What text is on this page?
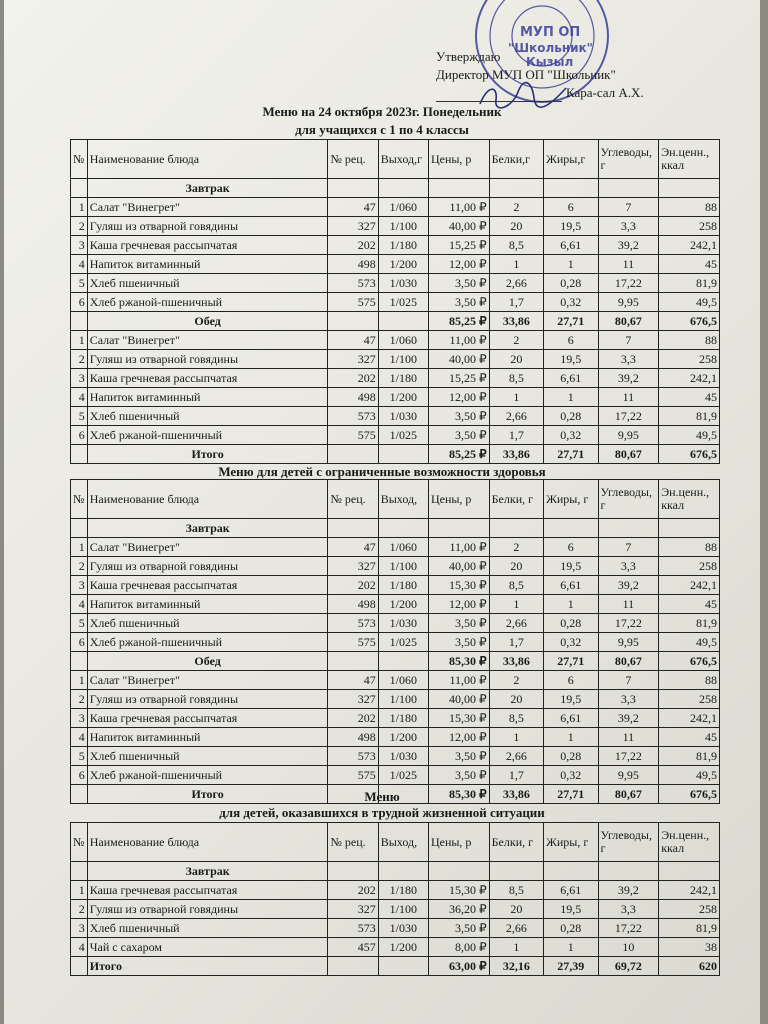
МУП ОП
"Школьник"
Кызыл
Утверждаю
Директор МУП ОП "Школьник"
Кара-сал А.Х.
Меню на 24 октября 2023г. Понедельник
для учащихся с 1 по 4 классы
№	Наименование блюда	№ рец.	Выход,г	Цены, р	Белки,г	Жиры,г	Углеводы, г	Эн.ценн., ккал
	Завтрак							
1	Салат "Винегрет"	47	1/060	11,00 ₽	2	6	7	88
2	Гуляш из отварной говядины	327	1/100	40,00 ₽	20	19,5	3,3	258
3	Каша гречневая рассыпчатая	202	1/180	15,25 ₽	8,5	6,61	39,2	242,1
4	Напиток витаминный	498	1/200	12,00 ₽	1	1	11	45
5	Хлеб пшеничный	573	1/030	3,50 ₽	2,66	0,28	17,22	81,9
6	Хлеб ржаной-пшеничный	575	1/025	3,50 ₽	1,7	0,32	9,95	49,5
	Обед			85,25 ₽	33,86	27,71	80,67	676,5
1	Салат "Винегрет"	47	1/060	11,00 ₽	2	6	7	88
2	Гуляш из отварной говядины	327	1/100	40,00 ₽	20	19,5	3,3	258
3	Каша гречневая рассыпчатая	202	1/180	15,25 ₽	8,5	6,61	39,2	242,1
4	Напиток витаминный	498	1/200	12,00 ₽	1	1	11	45
5	Хлеб пшеничный	573	1/030	3,50 ₽	2,66	0,28	17,22	81,9
6	Хлеб ржаной-пшеничный	575	1/025	3,50 ₽	1,7	0,32	9,95	49,5
	Итого			85,25 ₽	33,86	27,71	80,67	676,5
Меню для детей с ограниченные возможности здоровья
№	Наименование блюда	№ рец.	Выход,	Цены, р	Белки, г	Жиры, г	Углеводы, г	Эн.ценн., ккал
	Завтрак							
1	Салат "Винегрет"	47	1/060	11,00 ₽	2	6	7	88
2	Гуляш из отварной говядины	327	1/100	40,00 ₽	20	19,5	3,3	258
3	Каша гречневая рассыпчатая	202	1/180	15,30 ₽	8,5	6,61	39,2	242,1
4	Напиток витаминный	498	1/200	12,00 ₽	1	1	11	45
5	Хлеб пшеничный	573	1/030	3,50 ₽	2,66	0,28	17,22	81,9
6	Хлеб ржаной-пшеничный	575	1/025	3,50 ₽	1,7	0,32	9,95	49,5
	Обед			85,30 ₽	33,86	27,71	80,67	676,5
1	Салат "Винегрет"	47	1/060	11,00 ₽	2	6	7	88
2	Гуляш из отварной говядины	327	1/100	40,00 ₽	20	19,5	3,3	258
3	Каша гречневая рассыпчатая	202	1/180	15,30 ₽	8,5	6,61	39,2	242,1
4	Напиток витаминный	498	1/200	12,00 ₽	1	1	11	45
5	Хлеб пшеничный	573	1/030	3,50 ₽	2,66	0,28	17,22	81,9
6	Хлеб ржаной-пшеничный	575	1/025	3,50 ₽	1,7	0,32	9,95	49,5
	Итого			85,30 ₽	33,86	27,71	80,67	676,5
Меню
для детей, оказавшихся в трудной жизненной ситуации
№	Наименование блюда	№ рец.	Выход,	Цены, р	Белки, г	Жиры, г	Углеводы, г	Эн.ценн., ккал
	Завтрак							
1	Каша гречневая рассыпчатая	202	1/180	15,30 ₽	8,5	6,61	39,2	242,1
2	Гуляш из отварной говядины	327	1/100	36,20 ₽	20	19,5	3,3	258
3	Хлеб пшеничный	573	1/030	3,50 ₽	2,66	0,28	17,22	81,9
4	Чай с сахаром	457	1/200	8,00 ₽	1	1	10	38
	Итого			63,00 ₽	32,16	27,39	69,72	620
